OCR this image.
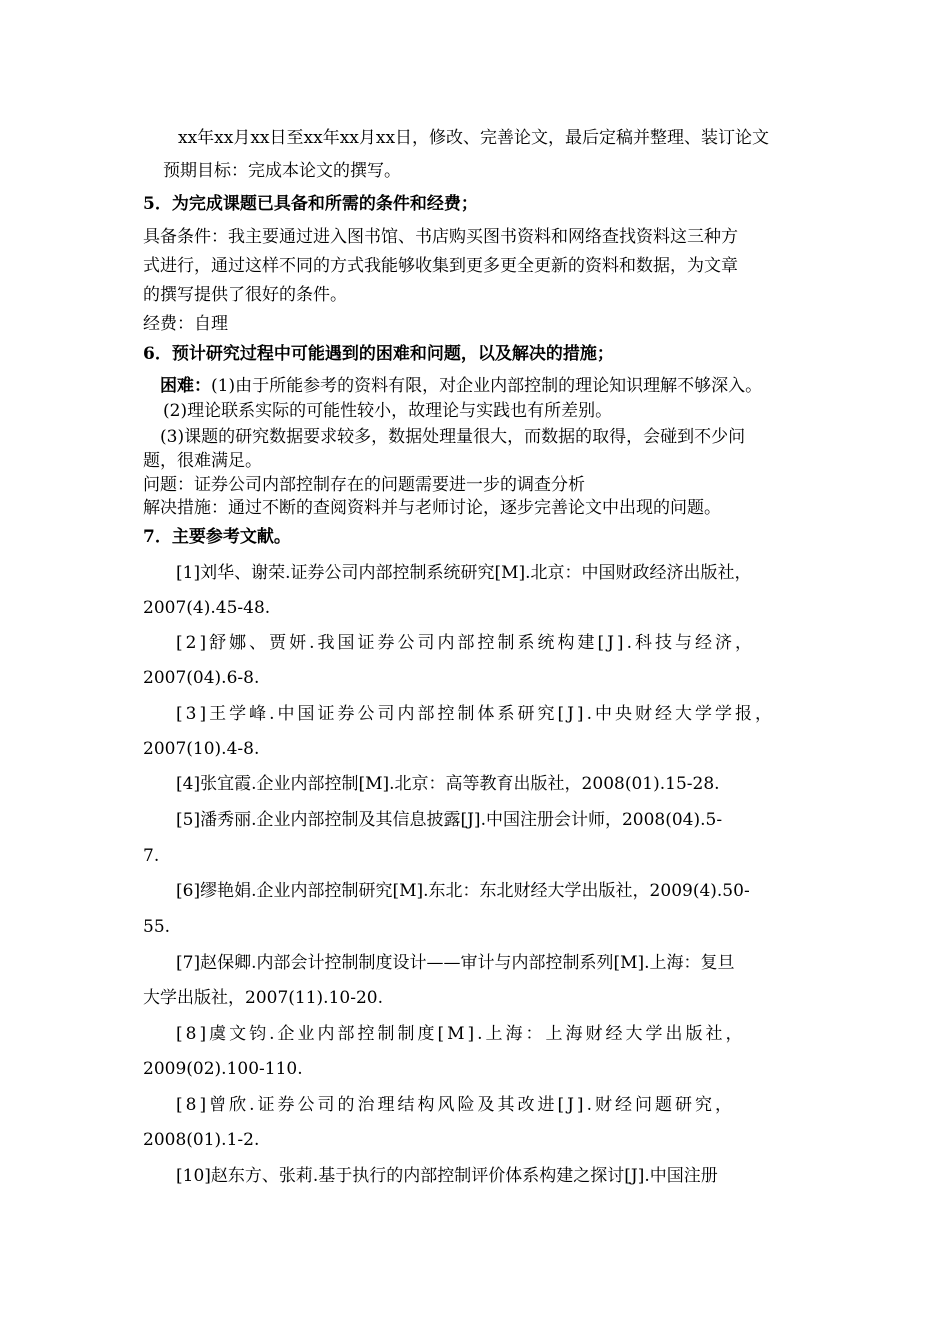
xx年xx月xx日至xx年xx月xx日，修改、完善论文，最后定稿并整理、装订论文
预期目标：完成本论文的撰写。
5．为完成课题已具备和所需的条件和经费；
具备条件：我主要通过进入图书馆、书店购买图书资料和网络查找资料这三种方
式进行，通过这样不同的方式我能够收集到更多更全更新的资料和数据，为文章
的撰写提供了很好的条件。
经费：自理
6．预计研究过程中可能遇到的困难和问题，以及解决的措施；
困难：(1)由于所能参考的资料有限，对企业内部控制的理论知识理解不够深入。
(2)理论联系实际的可能性较小，故理论与实践也有所差别。
(3)课题的研究数据要求较多，数据处理量很大，而数据的取得，会碰到不少问
题，很难满足。
问题：证券公司内部控制存在的问题需要进一步的调查分析
解决措施：通过不断的查阅资料并与老师讨论，逐步完善论文中出现的问题。
7．主要参考文献。
[1]刘华、谢荣.证券公司内部控制系统研究[M].北京：中国财政经济出版社，
2007(4).45-48.
[2]舒娜、贾妍.我国证券公司内部控制系统构建[J].科技与经济，
2007(04).6-8.
[3]王学峰.中国证券公司内部控制体系研究[J].中央财经大学学报，
2007(10).4-8.
[4]张宜霞.企业内部控制[M].北京：高等教育出版社，2008(01).15-28.
[5]潘秀丽.企业内部控制及其信息披露[J].中国注册会计师，2008(04).5-
7.
[6]缪艳娟.企业内部控制研究[M].东北：东北财经大学出版社，2009(4).50-
55.
[7]赵保卿.内部会计控制制度设计——审计与内部控制系列[M].上海：复旦
大学出版社，2007(11).10-20.
[8]虞文钧.企业内部控制制度[M].上海：上海财经大学出版社，
2009(02).100-110.
[8]曾欣.证券公司的治理结构风险及其改进[J].财经问题研究，
2008(01).1-2.
[10]赵东方、张莉.基于执行的内部控制评价体系构建之探讨[J].中国注册
